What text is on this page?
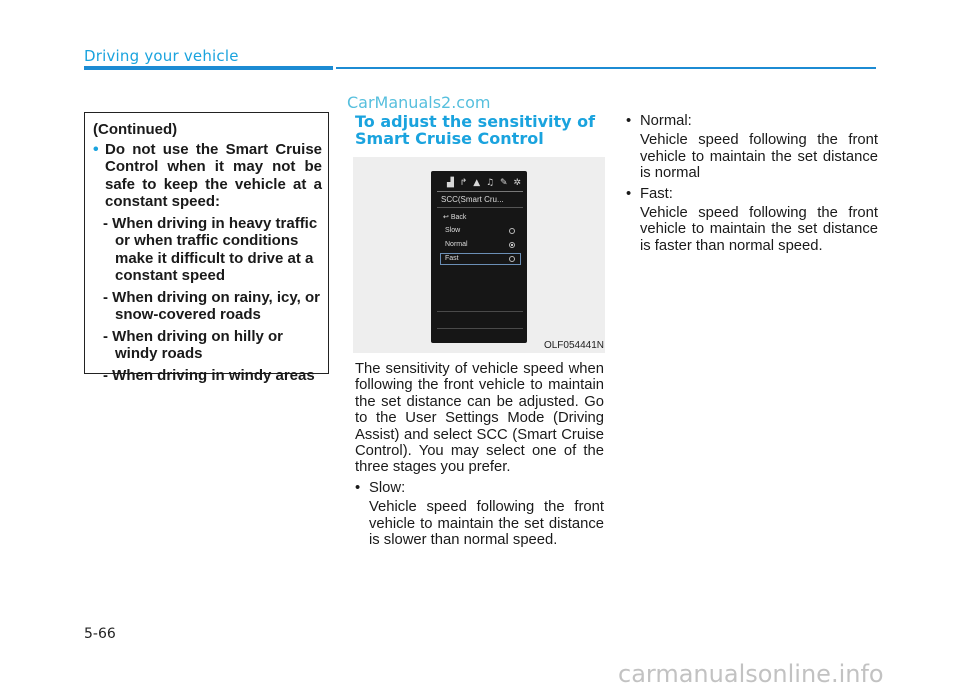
Driving your vehicle
CarManuals2.com
(Continued)
• Do not use the Smart Cruise Control when it may not be safe to keep the vehicle at a constant speed:
- When driving in heavy traffic or when traffic conditions make it difficult to drive at a constant speed
- When driving on rainy, icy, or snow-covered roads
- When driving on hilly or windy roads
- When driving in windy areas
To adjust the sensitivity of
Smart Cruise Control
▟ ↱ ▲ ♫ ✎ ✲
SCC(Smart Cru...
↩ Back
Slow
Normal
Fast
OLF054441N
The sensitivity of vehicle speed when following the front vehicle to maintain the set distance can be adjusted. Go to the User Settings Mode (Driving Assist) and select SCC (Smart Cruise Control). You may select one of the three stages you prefer.
• Slow:
Vehicle speed following the front vehicle to maintain the set distance is slower than normal speed.
• Normal:
Vehicle speed following the front vehicle to maintain the set distance is normal
• Fast:
Vehicle speed following the front vehicle to maintain the set distance is faster than normal speed.
5-66
carmanualsonline.info
